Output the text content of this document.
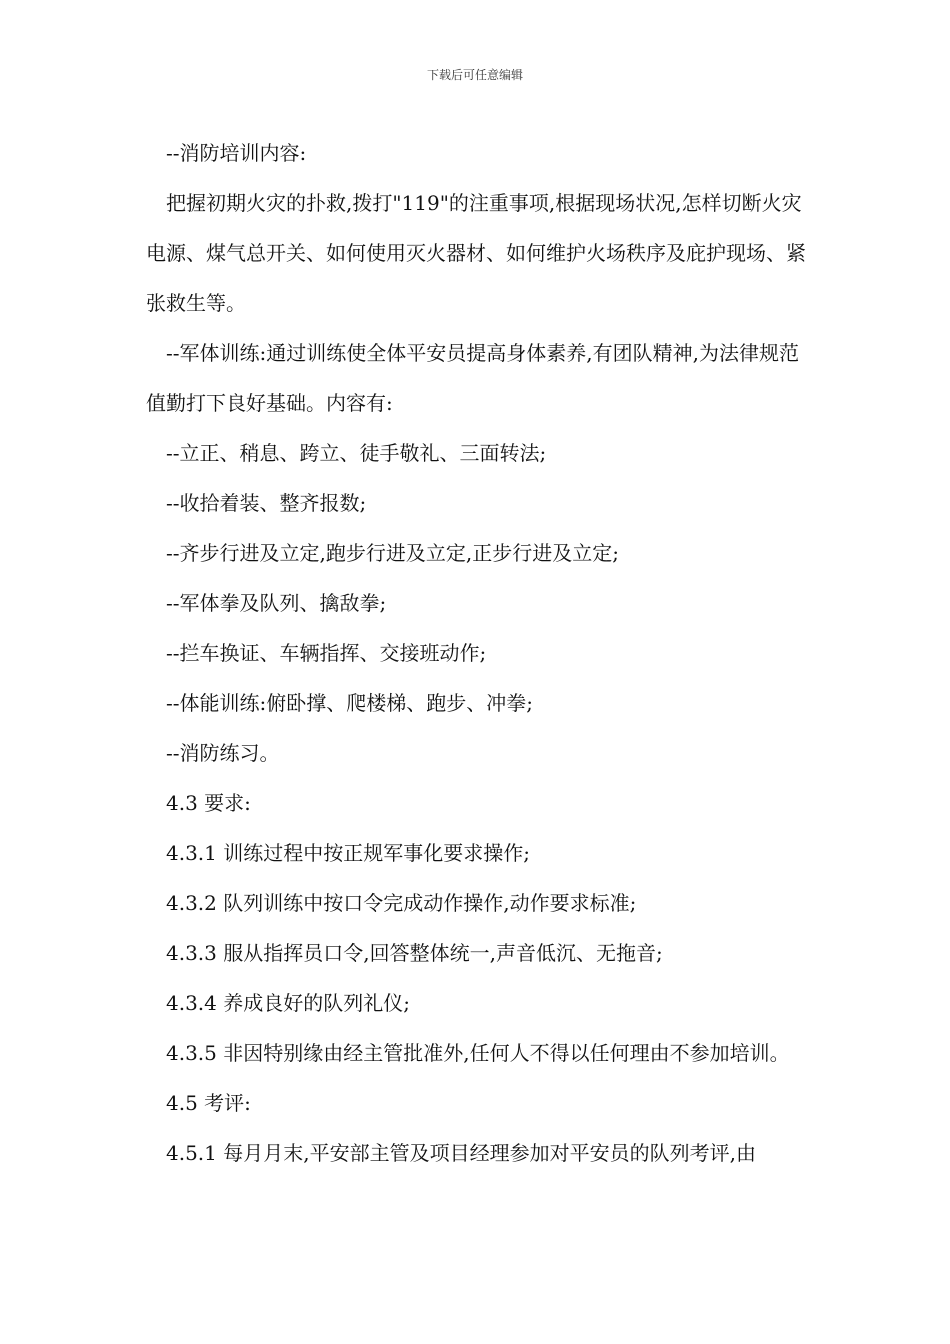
下载后可任意编辑

--消防培训内容:

把握初期火灾的扑救,拨打"119"的注重事项,根据现场状况,怎样切断火灾电源、煤气总开关、如何使用灭火器材、如何维护火场秩序及庇护现场、紧张救生等。

--军体训练:通过训练使全体平安员提高身体素养,有团队精神,为法律规范值勤打下良好基础。内容有:

--立正、稍息、跨立、徒手敬礼、三面转法;

--收拾着装、整齐报数;

--齐步行进及立定,跑步行进及立定,正步行进及立定;

--军体拳及队列、擒敌拳;

--拦车换证、车辆指挥、交接班动作;

--体能训练:俯卧撑、爬楼梯、跑步、冲拳;

--消防练习。

4.3 要求:

4.3.1 训练过程中按正规军事化要求操作;

4.3.2 队列训练中按口令完成动作操作,动作要求标准;

4.3.3 服从指挥员口令,回答整体统一,声音低沉、无拖音;

4.3.4 养成良好的队列礼仪;

4.3.5 非因特别缘由经主管批准外,任何人不得以任何理由不参加培训。

4.5 考评:

4.5.1 每月月末,平安部主管及项目经理参加对平安员的队列考评,由
